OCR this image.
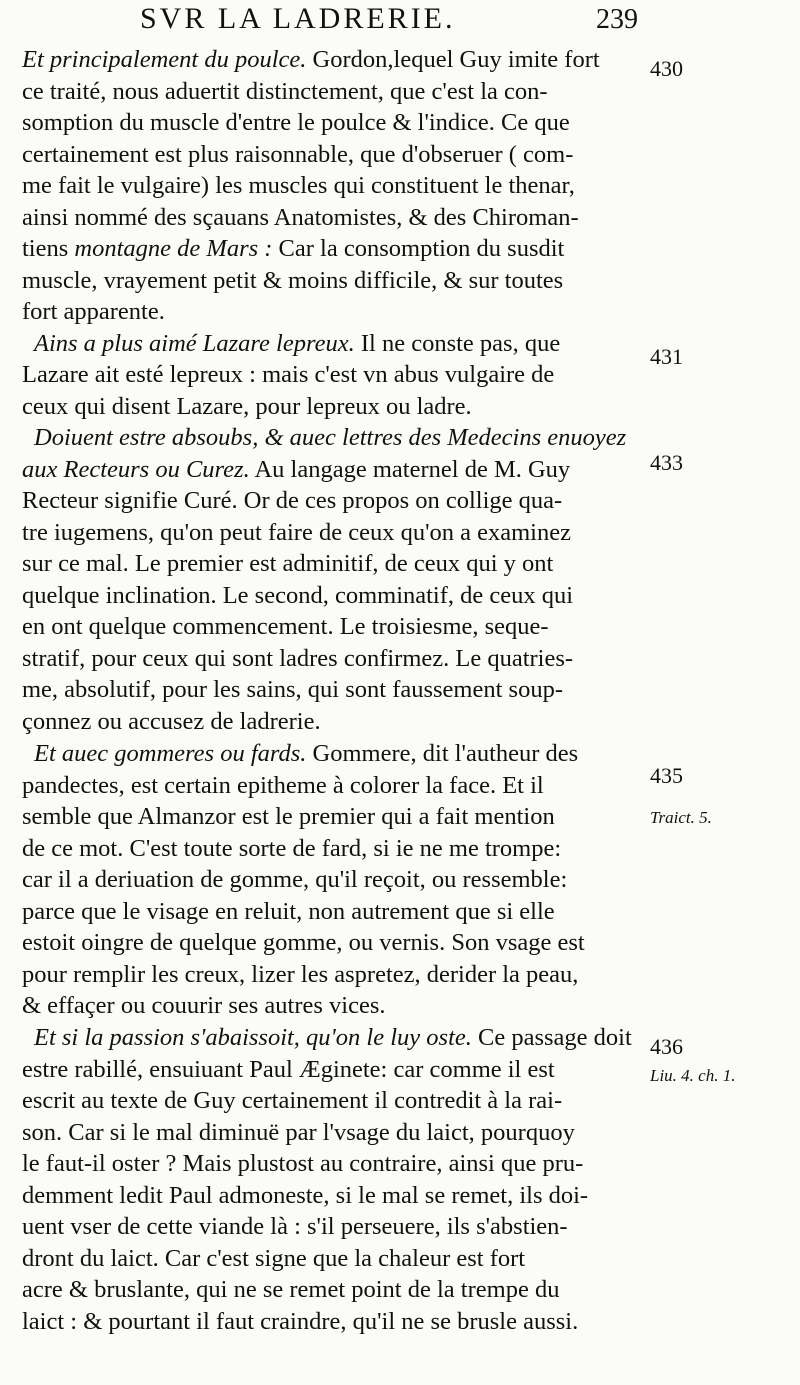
SVR LA LADRERIE.	239
Et principalement du poulce. Gordon,lequel Guy imite fort
ce traité, nous aduertit distinctement, que c'est la con-
somption du muscle d'entre le poulce & l'indice. Ce que
certainement est plus raisonnable, que d'obseruer ( com-
me fait le vulgaire) les muscles qui constituent le thenar,
ainsi nommé des sçauans Anatomistes, & des Chiroman-
tiens montagne de Mars : Car la consomption du susdit
muscle, vrayement petit & moins difficile, & sur toutes
fort apparente.
Ains a plus aimé Lazare lepreux. Il ne conste pas, que
Lazare ait esté lepreux : mais c'est vn abus vulgaire de
ceux qui disent Lazare, pour lepreux ou ladre.
Doiuent estre absoubs, & auec lettres des Medecins enuoyez
aux Recteurs ou Curez. Au langage maternel de M. Guy
Recteur signifie Curé. Or de ces propos on collige qua-
tre iugemens, qu'on peut faire de ceux qu'on a examinez
sur ce mal. Le premier est adminitif, de ceux qui y ont
quelque inclination. Le second, comminatif, de ceux qui
en ont quelque commencement. Le troisiesme, seque-
stratif, pour ceux qui sont ladres confirmez. Le quatries-
me, absolutif, pour les sains, qui sont faussement soup-
çonnez ou accusez de ladrerie.
Et auec gommeres ou fards. Gommere, dit l'autheur des
pandectes, est certain epitheme à colorer la face. Et il
semble que Almanzor est le premier qui a fait mention
de ce mot. C'est toute sorte de fard, si ie ne me trompe:
car il a deriuation de gomme, qu'il reçoit, ou ressemble:
parce que le visage en reluit, non autrement que si elle
estoit oingre de quelque gomme, ou vernis. Son vsage est
pour remplir les creux, lizer les aspretez, derider la peau,
& effaçer ou couurir ses autres vices.
Et si la passion s'abaissoit, qu'on le luy oste. Ce passage doit
estre rabillé, ensuiuant Paul Æginete: car comme il est
escrit au texte de Guy certainement il contredit à la rai-
son. Car si le mal diminuë par l'vsage du laict, pourquoy
le faut-il oster ? Mais plustost au contraire, ainsi que pru-
demment ledit Paul admoneste, si le mal se remet, ils doi-
uent vser de cette viande là : s'il perseuere, ils s'abstien-
dront du laict. Car c'est signe que la chaleur est fort
acre & bruslante, qui ne se remet point de la trempe du
laict : & pourtant il faut craindre, qu'il ne se brusle aussi.
430
431
433
435
Traict. 5.
436
Liu. 4. ch. 1.
